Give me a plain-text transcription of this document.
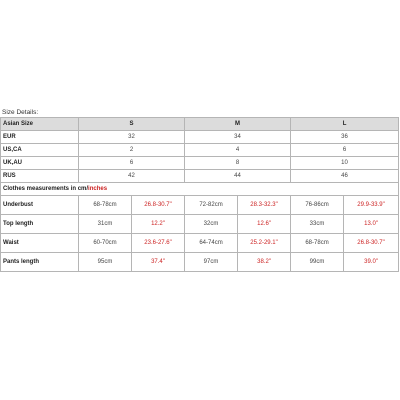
Size Details:
Asian Size	S		M		L	
EUR	32		34		36	
US,CA	2		4		6	
UK,AU	6		8		10	
RUS	42		44		46	
Clothes measurements in cm/inches						
Underbust	68-78cm	26.8-30.7"	72-82cm	28.3-32.3"	76-86cm	29.9-33.9"
Top length	31cm	12.2"	32cm	12.6"	33cm	13.0"
Waist	60-70cm	23.6-27.6"	64-74cm	25.2-29.1"	68-78cm	26.8-30.7"
Pants length	95cm	37.4"	97cm	38.2"	99cm	39.0"
